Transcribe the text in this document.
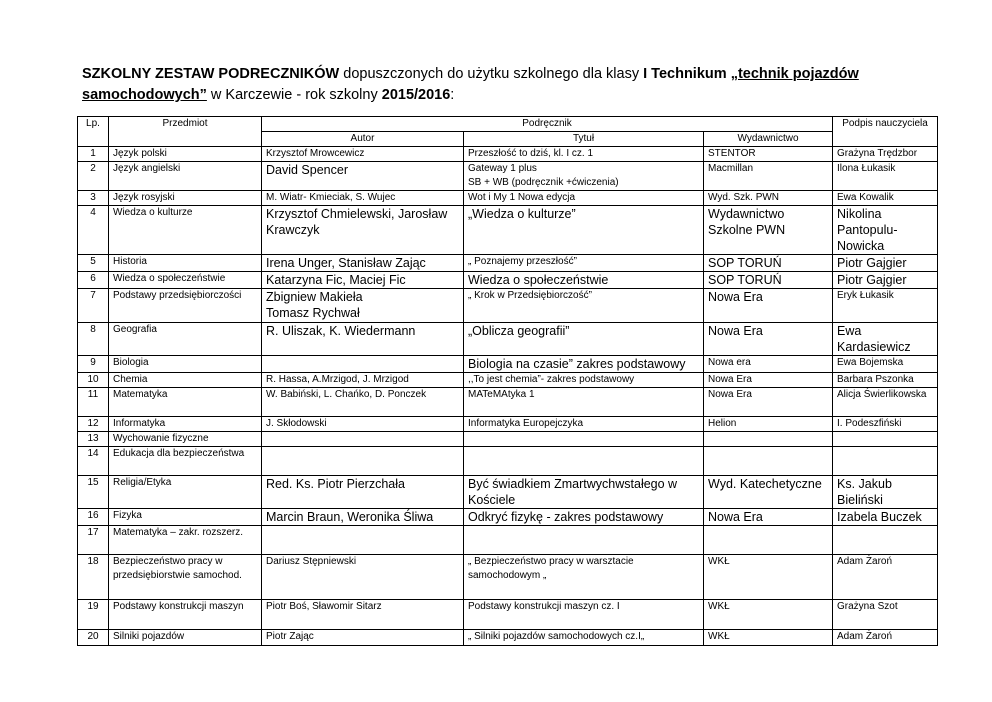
SZKOLNY ZESTAW PODRECZNIKÓW dopuszczonych do użytku szkolnego dla klasy I Technikum „technik pojazdów samochodowych” w Karczewie - rok szkolny 2015/2016:
Lp.	Przedmiot	Podręcznik			Podpis nauczyciela
		Autor	Tytuł	Wydawnictwo	
1	Język polski	Krzysztof Mrowcewicz	Przeszłość to dziś, kl. I cz. 1	STENTOR	Grażyna Trędzbor
2	Język angielski	David Spencer	Gateway 1 plus
SB + WB (podręcznik +ćwiczenia)	Macmillan	Ilona Łukasik
3	Język rosyjski	M. Wiatr- Kmieciak, S. Wujec	Wot i My 1 Nowa edycja	Wyd. Szk. PWN	Ewa Kowalik
4	Wiedza o kulturze	Krzysztof Chmielewski, Jarosław Krawczyk	„Wiedza o kulturze”	Wydawnictwo Szkolne PWN	Nikolina Pantopulu-Nowicka
5	Historia	Irena Unger, Stanisław Zając	„ Poznajemy przeszłość”	SOP TORUŃ	Piotr Gajgier
6	Wiedza o społeczeństwie	Katarzyna Fic, Maciej Fic	Wiedza o społeczeństwie	SOP TORUŃ	Piotr Gajgier
7	Podstawy przedsiębiorczości	Zbigniew Makieła
Tomasz Rychwał	„ Krok w Przedsiębiorczość”	Nowa Era	Eryk Łukasik
8	Geografia	R. Uliszak, K. Wiedermann	„Oblicza geografii”	Nowa Era	Ewa Kardasiewicz
9	Biologia		Biologia na czasie” zakres podstawowy	Nowa era	Ewa Bojemska
10	Chemia	R. Hassa, A.Mrzigod, J. Mrzigod	,,To jest chemia”- zakres podstawowy	Nowa Era	Barbara Pszonka
11	Matematyka	W. Babiński, L. Chańko, D. Ponczek	MATeMAtyka 1	Nowa Era	Alicja Świerlikowska
12	Informatyka	J. Skłodowski	Informatyka Europejczyka	Helion	I. Podeszfiński
13	Wychowanie fizyczne				
14	Edukacja dla bezpieczeństwa				
15	Religia/Etyka	Red. Ks. Piotr Pierzchała	Być świadkiem Zmartwychwstałego w Kościele	Wyd. Katechetyczne	Ks. Jakub Bieliński
16	Fizyka	Marcin Braun, Weronika Śliwa	Odkryć fizykę - zakres podstawowy	Nowa Era	Izabela Buczek
17	Matematyka – zakr. rozszerz.				
18	Bezpieczeństwo pracy w przedsiębiorstwie samochod.	Dariusz Stępniewski	„ Bezpieczeństwo pracy w warsztacie samochodowym „	WKŁ	Adam Żaroń
19	Podstawy konstrukcji maszyn	Piotr Boś, Sławomir Sitarz	Podstawy konstrukcji maszyn cz. I	WKŁ	Grażyna Szot
20	Silniki pojazdów	Piotr Zając	„ Silniki pojazdów samochodowych cz.I„	WKŁ	Adam Żaroń
